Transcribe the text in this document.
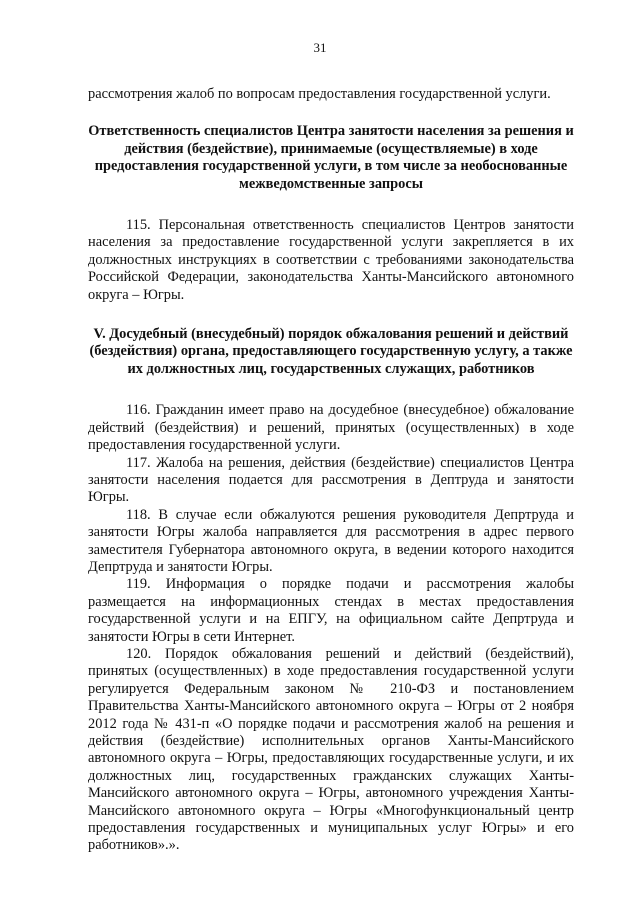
31

рассмотрения жалоб по вопросам предоставления государственной услуги.

Ответственность специалистов Центра занятости населения за решения и действия (бездействие), принимаемые (осуществляемые) в ходе предоставления государственной услуги, в том числе за необоснованные межведомственные запросы

115. Персональная ответственность специалистов Центров занятости населения за предоставление государственной услуги закрепляется в их должностных инструкциях в соответствии с требованиями законодательства Российской Федерации, законодательства Ханты-Мансийского автономного округа – Югры.

V. Досудебный (внесудебный) порядок обжалования решений и действий (бездействия) органа, предоставляющего государственную услугу, а также их должностных лиц, государственных служащих, работников

116. Гражданин имеет право на досудебное (внесудебное) обжалование действий (бездействия) и решений, принятых (осуществленных) в ходе предоставления государственной услуги.

117. Жалоба на решения, действия (бездействие) специалистов Центра занятости населения подается для рассмотрения в Дептруда и занятости Югры.

118. В случае если обжалуются решения руководителя Депртруда и занятости Югры жалоба направляется для рассмотрения в адрес первого заместителя Губернатора автономного округа, в ведении которого находится Депртруда и занятости Югры.

119. Информация о порядке подачи и рассмотрения жалобы размещается на информационных стендах в местах предоставления государственной услуги и на ЕПГУ, на официальном сайте Депртруда и занятости Югры в сети Интернет.

120. Порядок обжалования решений и действий (бездействий), принятых (осуществленных) в ходе предоставления государственной услуги регулируется Федеральным законом № 210-ФЗ и постановлением Правительства Ханты-Мансийского автономного округа – Югры от 2 ноября 2012 года № 431-п «О порядке подачи и рассмотрения жалоб на решения и действия (бездействие) исполнительных органов Ханты-Мансийского автономного округа – Югры, предоставляющих государственные услуги, и их должностных лиц, государственных гражданских служащих Ханты-Мансийского автономного округа – Югры, автономного учреждения Ханты-Мансийского автономного округа – Югры «Многофункциональный центр предоставления государственных и муниципальных услуг Югры» и его работников».».
